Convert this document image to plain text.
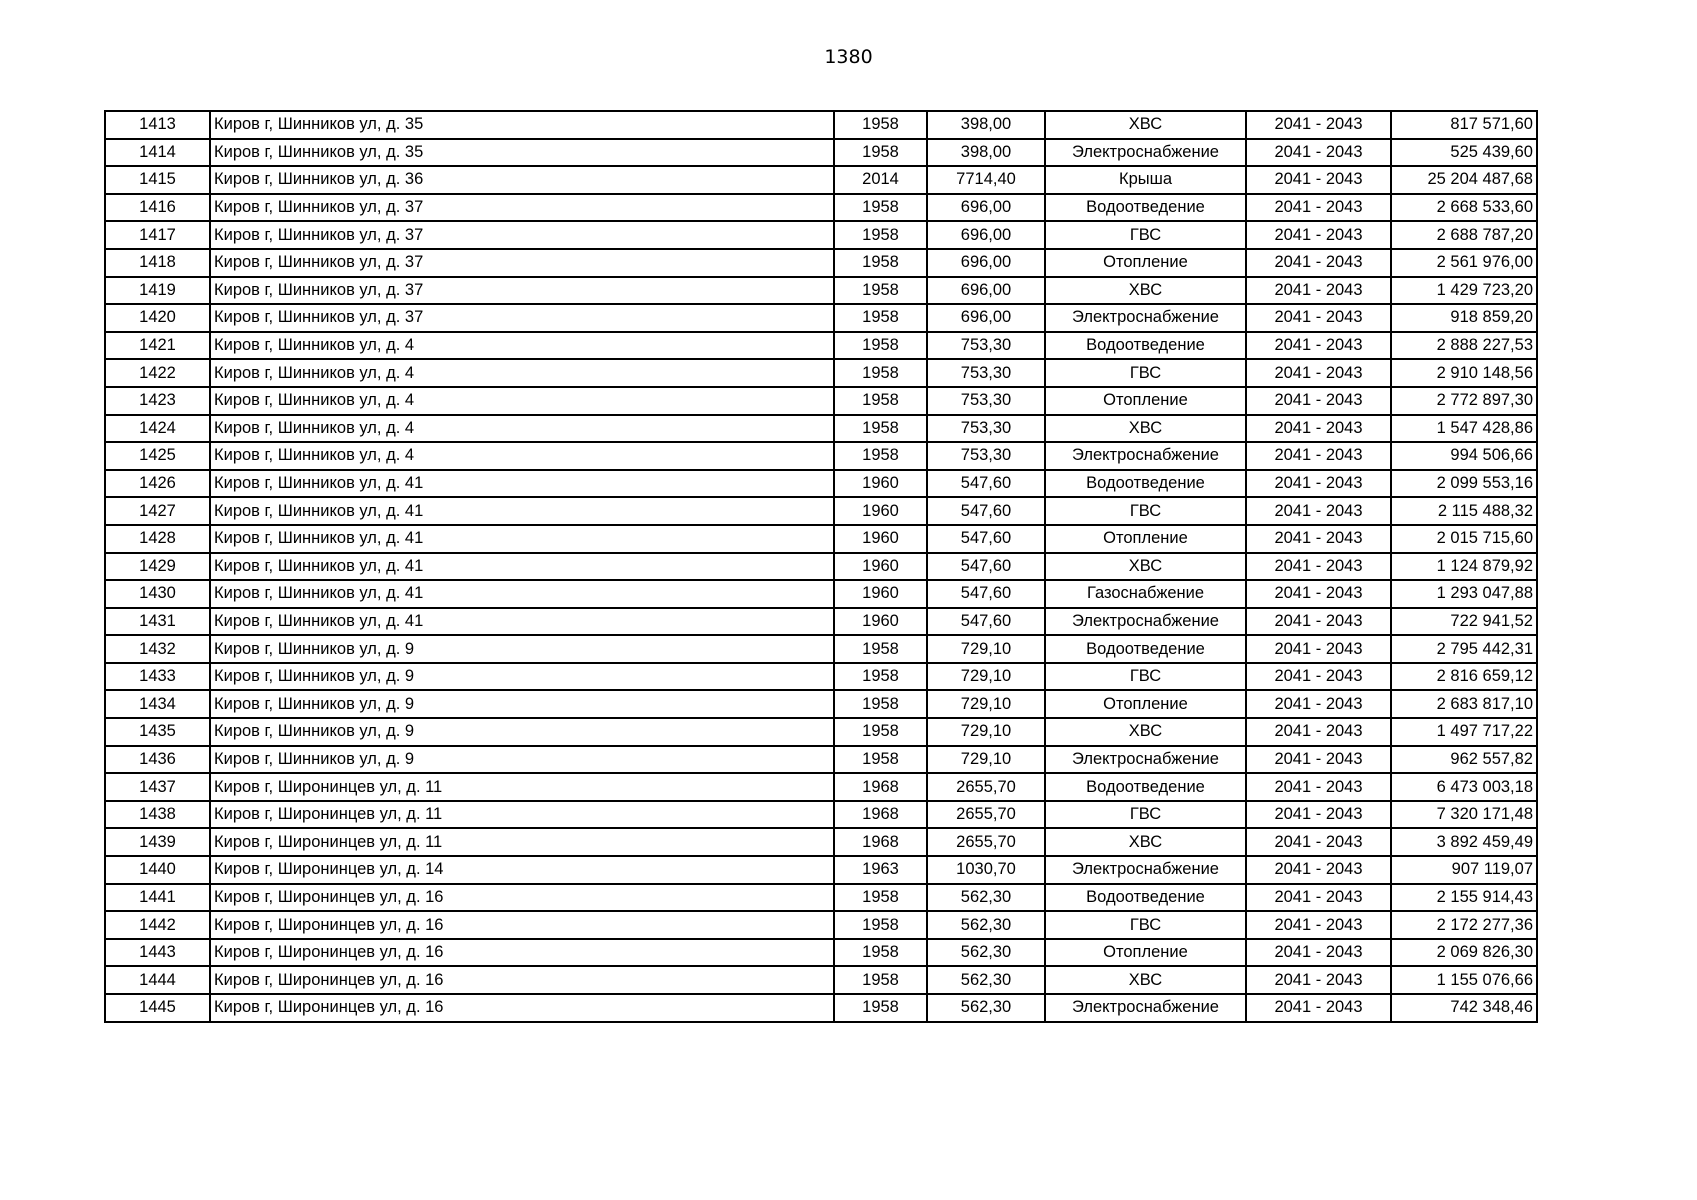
1380
1413	Киров г, Шинников ул, д. 35	1958	398,00	ХВС	2041 - 2043	817 571,60
1414	Киров г, Шинников ул, д. 35	1958	398,00	Электроснабжение	2041 - 2043	525 439,60
1415	Киров г, Шинников ул, д. 36	2014	7714,40	Крыша	2041 - 2043	25 204 487,68
1416	Киров г, Шинников ул, д. 37	1958	696,00	Водоотведение	2041 - 2043	2 668 533,60
1417	Киров г, Шинников ул, д. 37	1958	696,00	ГВС	2041 - 2043	2 688 787,20
1418	Киров г, Шинников ул, д. 37	1958	696,00	Отопление	2041 - 2043	2 561 976,00
1419	Киров г, Шинников ул, д. 37	1958	696,00	ХВС	2041 - 2043	1 429 723,20
1420	Киров г, Шинников ул, д. 37	1958	696,00	Электроснабжение	2041 - 2043	918 859,20
1421	Киров г, Шинников ул, д. 4	1958	753,30	Водоотведение	2041 - 2043	2 888 227,53
1422	Киров г, Шинников ул, д. 4	1958	753,30	ГВС	2041 - 2043	2 910 148,56
1423	Киров г, Шинников ул, д. 4	1958	753,30	Отопление	2041 - 2043	2 772 897,30
1424	Киров г, Шинников ул, д. 4	1958	753,30	ХВС	2041 - 2043	1 547 428,86
1425	Киров г, Шинников ул, д. 4	1958	753,30	Электроснабжение	2041 - 2043	994 506,66
1426	Киров г, Шинников ул, д. 41	1960	547,60	Водоотведение	2041 - 2043	2 099 553,16
1427	Киров г, Шинников ул, д. 41	1960	547,60	ГВС	2041 - 2043	2 115 488,32
1428	Киров г, Шинников ул, д. 41	1960	547,60	Отопление	2041 - 2043	2 015 715,60
1429	Киров г, Шинников ул, д. 41	1960	547,60	ХВС	2041 - 2043	1 124 879,92
1430	Киров г, Шинников ул, д. 41	1960	547,60	Газоснабжение	2041 - 2043	1 293 047,88
1431	Киров г, Шинников ул, д. 41	1960	547,60	Электроснабжение	2041 - 2043	722 941,52
1432	Киров г, Шинников ул, д. 9	1958	729,10	Водоотведение	2041 - 2043	2 795 442,31
1433	Киров г, Шинников ул, д. 9	1958	729,10	ГВС	2041 - 2043	2 816 659,12
1434	Киров г, Шинников ул, д. 9	1958	729,10	Отопление	2041 - 2043	2 683 817,10
1435	Киров г, Шинников ул, д. 9	1958	729,10	ХВС	2041 - 2043	1 497 717,22
1436	Киров г, Шинников ул, д. 9	1958	729,10	Электроснабжение	2041 - 2043	962 557,82
1437	Киров г, Широнинцев ул, д. 11	1968	2655,70	Водоотведение	2041 - 2043	6 473 003,18
1438	Киров г, Широнинцев ул, д. 11	1968	2655,70	ГВС	2041 - 2043	7 320 171,48
1439	Киров г, Широнинцев ул, д. 11	1968	2655,70	ХВС	2041 - 2043	3 892 459,49
1440	Киров г, Широнинцев ул, д. 14	1963	1030,70	Электроснабжение	2041 - 2043	907 119,07
1441	Киров г, Широнинцев ул, д. 16	1958	562,30	Водоотведение	2041 - 2043	2 155 914,43
1442	Киров г, Широнинцев ул, д. 16	1958	562,30	ГВС	2041 - 2043	2 172 277,36
1443	Киров г, Широнинцев ул, д. 16	1958	562,30	Отопление	2041 - 2043	2 069 826,30
1444	Киров г, Широнинцев ул, д. 16	1958	562,30	ХВС	2041 - 2043	1 155 076,66
1445	Киров г, Широнинцев ул, д. 16	1958	562,30	Электроснабжение	2041 - 2043	742 348,46
